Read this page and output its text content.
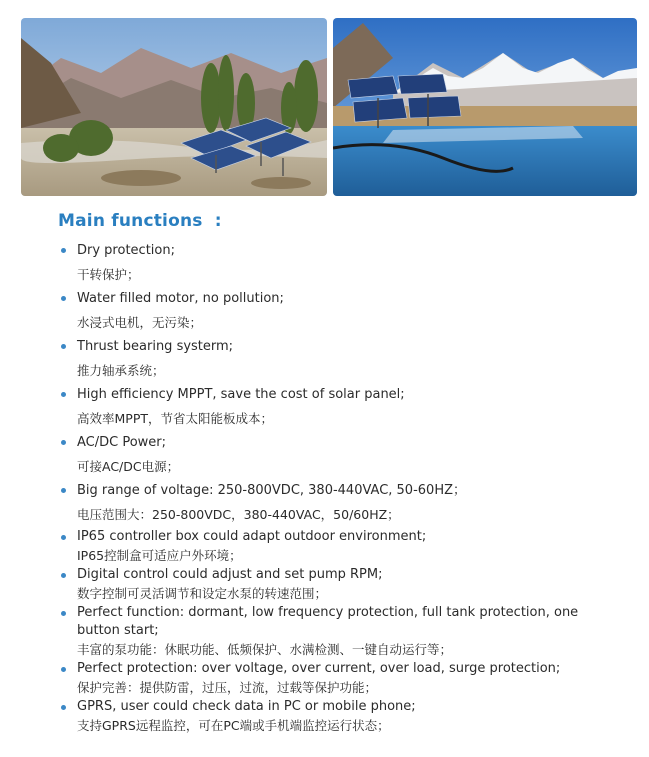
Main functions  :
Dry protection;
干转保护；
Water filled motor, no pollution;
水浸式电机，无污染；
Thrust bearing systerm;
推力轴承系统；
High efficiency MPPT, save the cost of solar panel;
高效率MPPT，节省太阳能板成本；
AC/DC Power;
可接AC/DC电源；
Big range of voltage: 250-800VDC, 380-440VAC, 50-60HZ；
电压范围大：250-800VDC，380-440VAC，50/60HZ；
IP65 controller box could adapt outdoor environment;
IP65控制盒可适应户外环境；
Digital control could adjust and set pump RPM;
数字控制可灵活调节和设定水泵的转速范围；
Perfect function: dormant, low frequency protection, full tank protection, one button start;
丰富的泵功能：休眠功能、低频保护、水满检测、一键自动运行等；
Perfect protection: over voltage, over current, over load, surge protection;
保护完善：提供防雷，过压，过流，过载等保护功能；
GPRS, user could check data in PC or mobile phone;
支持GPRS远程监控，可在PC端或手机端监控运行状态；
